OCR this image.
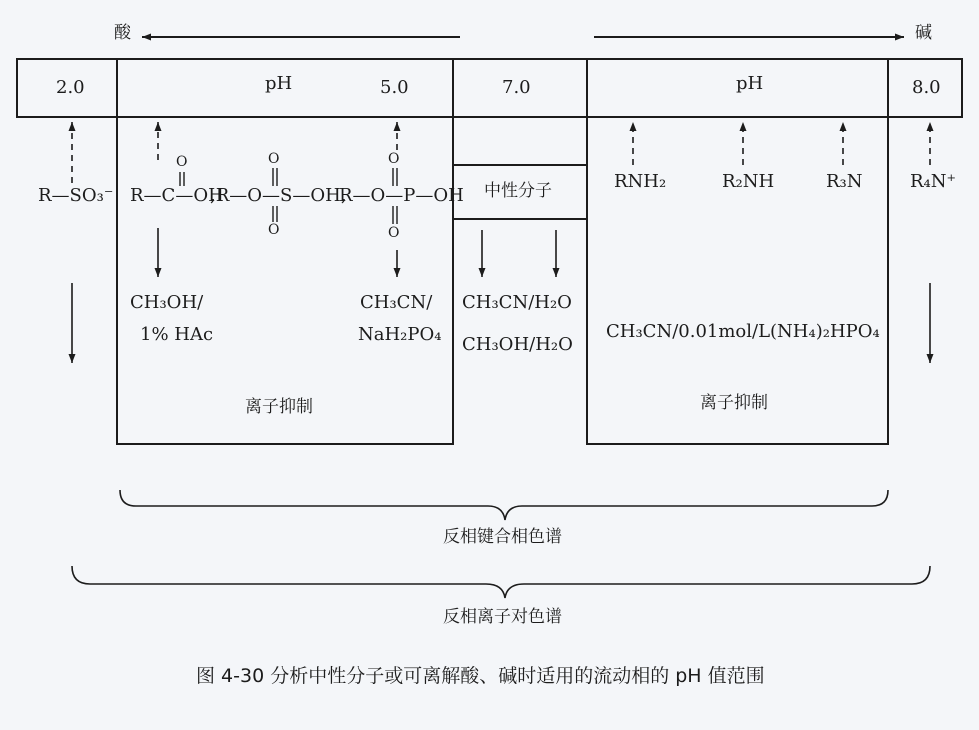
酸	碱
2.0	pH	5.0	7.0	pH	8.0
R—SO₃⁻
O
R—C—OH
O
,R—O—S—OH,
O
O
R—O—P—OH
O
CH₃OH/
1% HAc
CH₃CN/
NaH₂PO₄
离子抑制
中性分子
CH₃CN/H₂O
CH₃OH/H₂O
RNH₂	R₂NH	R₃N	R₄N⁺
CH₃CN/0.01mol/L(NH₄)₂HPO₄
离子抑制
反相键合相色谱
反相离子对色谱
图 4-30 分析中性分子或可离解酸、碱时适用的流动相的 pH 值范围
